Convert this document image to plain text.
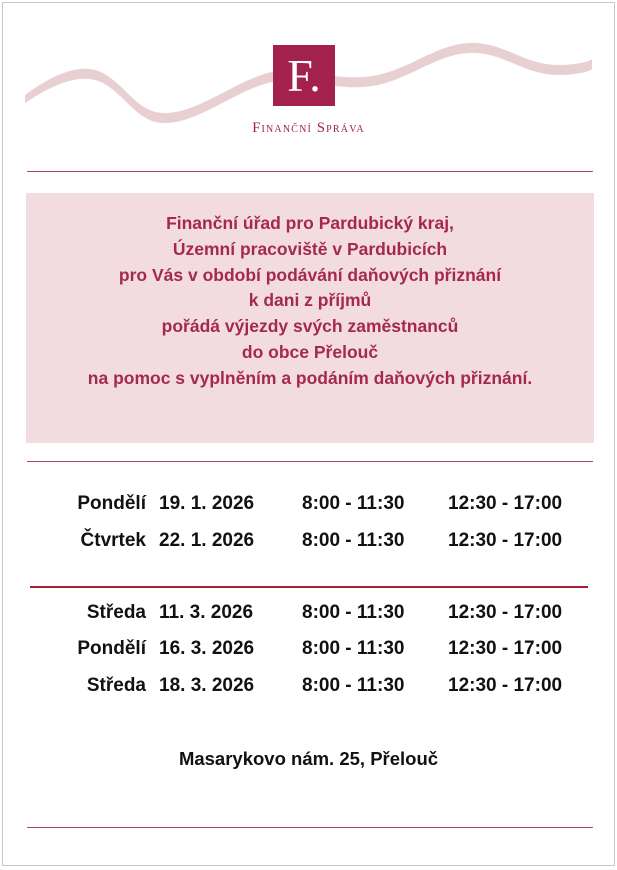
F.
Finanční Správa
Finanční úřad pro Pardubický kraj,
Územní pracoviště v Pardubicích
pro Vás v období podávání daňových přiznání
k dani z příjmů
pořádá výjezdy svých zaměstnanců
do obce Přelouč
na pomoc s vyplněním a podáním daňových přiznání.
Pondělí 19. 1. 2026	8:00 - 11:30 12:30 - 17:00
Čtvrtek 22. 1. 2026	8:00 - 11:30 12:30 - 17:00
Středa 11. 3. 2026	8:00 - 11:30 12:30 - 17:00
Pondělí 16. 3. 2026	8:00 - 11:30 12:30 - 17:00
Středa 18. 3. 2026	8:00 - 11:30 12:30 - 17:00
Masarykovo nám. 25, Přelouč
